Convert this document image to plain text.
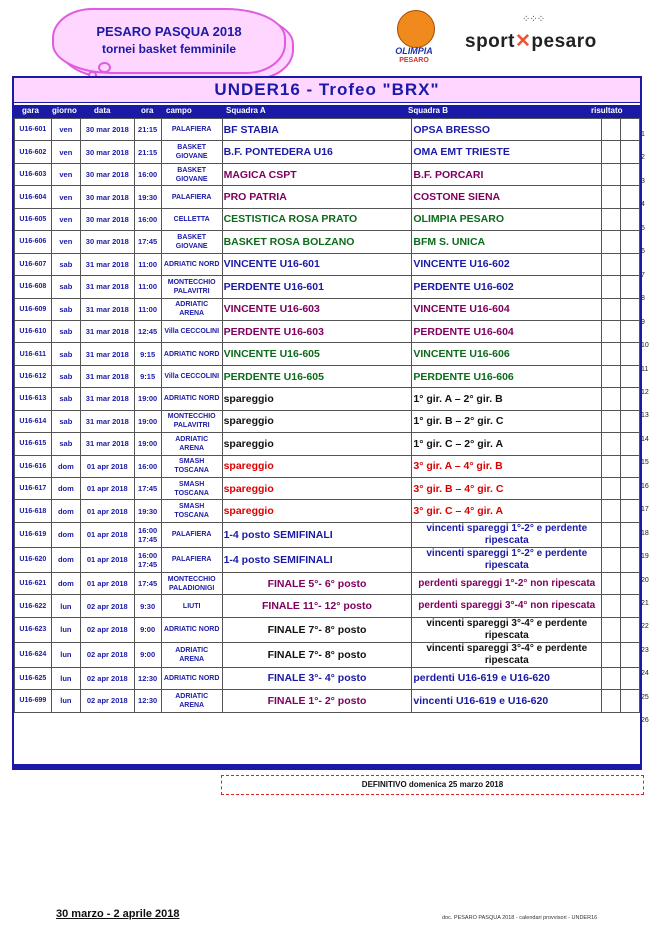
PESARO PASQUA 2018
tornei basket femminile	OLIMPIA
PESARO
⁘⁘⁘
sport✕pesaro
UNDER16 - Trofeo "BRX"
gara giorno data	ora campo	Squadra A	Squadra B	risultato
U16-601	ven	30 mar 2018	21:15	PALAFIERA	BF STABIA	OPSA BRESSO		
U16-602	ven	30 mar 2018	21:15	BASKET GIOVANE	B.F. PONTEDERA U16	OMA EMT TRIESTE		
U16-603	ven	30 mar 2018	16:00	BASKET GIOVANE	MAGICA CSPT	B.F. PORCARI		
U16-604	ven	30 mar 2018	19:30	PALAFIERA	PRO PATRIA	COSTONE SIENA		
U16-605	ven	30 mar 2018	16:00	CELLETTA	CESTISTICA ROSA PRATO	OLIMPIA PESARO		
U16-606	ven	30 mar 2018	17:45	BASKET GIOVANE	BASKET ROSA BOLZANO	BFM S. UNICA		
U16-607	sab	31 mar 2018	11:00	ADRIATIC NORD	VINCENTE U16-601	VINCENTE U16-602		
U16-608	sab	31 mar 2018	11:00	MONTECCHIO PALAVITRI	PERDENTE U16-601	PERDENTE U16-602		
U16-609	sab	31 mar 2018	11:00	ADRIATIC ARENA	VINCENTE U16-603	VINCENTE U16-604		
U16-610	sab	31 mar 2018	12:45	Villa CECCOLINI	PERDENTE U16-603	PERDENTE U16-604		
U16-611	sab	31 mar 2018	9:15	ADRIATIC NORD	VINCENTE U16-605	VINCENTE U16-606		
U16-612	sab	31 mar 2018	9:15	Villa CECCOLINI	PERDENTE U16-605	PERDENTE U16-606		
U16-613	sab	31 mar 2018	19:00	ADRIATIC NORD	spareggio	1° gir. A – 2° gir. B		
U16-614	sab	31 mar 2018	19:00	MONTECCHIO PALAVITRI	spareggio	1° gir. B – 2° gir. C		
U16-615	sab	31 mar 2018	19:00	ADRIATIC ARENA	spareggio	1° gir. C – 2° gir. A		
U16-616	dom	01 apr 2018	16:00	SMASH TOSCANA	spareggio	3° gir. A – 4° gir. B		
U16-617	dom	01 apr 2018	17:45	SMASH TOSCANA	spareggio	3° gir. B – 4° gir. C		
U16-618	dom	01 apr 2018	19:30	SMASH TOSCANA	spareggio	3° gir. C – 4° gir. A		
U16-619	dom	01 apr 2018	16:00 17:45	PALAFIERA	1-4 posto SEMIFINALI	vincenti spareggi 1°-2° e perdente ripescata		
U16-620	dom	01 apr 2018	16:00 17:45	PALAFIERA	1-4 posto SEMIFINALI	vincenti spareggi 1°-2° e perdente ripescata		
U16-621	dom	01 apr 2018	17:45	MONTECCHIO PALADIONIGI	FINALE 5°- 6° posto	perdenti spareggi 1°-2° non ripescata		
U16-622	lun	02 apr 2018	9:30	LIUTI	FINALE 11°- 12° posto	perdenti spareggi 3°-4° non ripescata		
U16-623	lun	02 apr 2018	9:00	ADRIATIC NORD	FINALE 7°- 8° posto	vincenti spareggi 3°-4° e perdente ripescata		
U16-624	lun	02 apr 2018	9:00	ADRIATIC ARENA	FINALE 7°- 8° posto	vincenti spareggi 3°-4° e perdente ripescata		
U16-625	lun	02 apr 2018	12:30	ADRIATIC NORD	FINALE 3°- 4° posto	perdenti U16-619 e U16-620		
U16-699	lun	02 apr 2018	12:30	ADRIATIC ARENA	FINALE 1°- 2° posto	vincenti U16-619 e U16-620		
1
2
3
4
5
6
7
8
9
10
11
12
13
14
15
16
17
18
19
20
21
22
23
24
25
26
DEFINITIVO domenica 25 marzo 2018
30 marzo - 2 aprile 2018	doc. PESARO PASQUA 2018 - calendari provvisori - UNDER16
